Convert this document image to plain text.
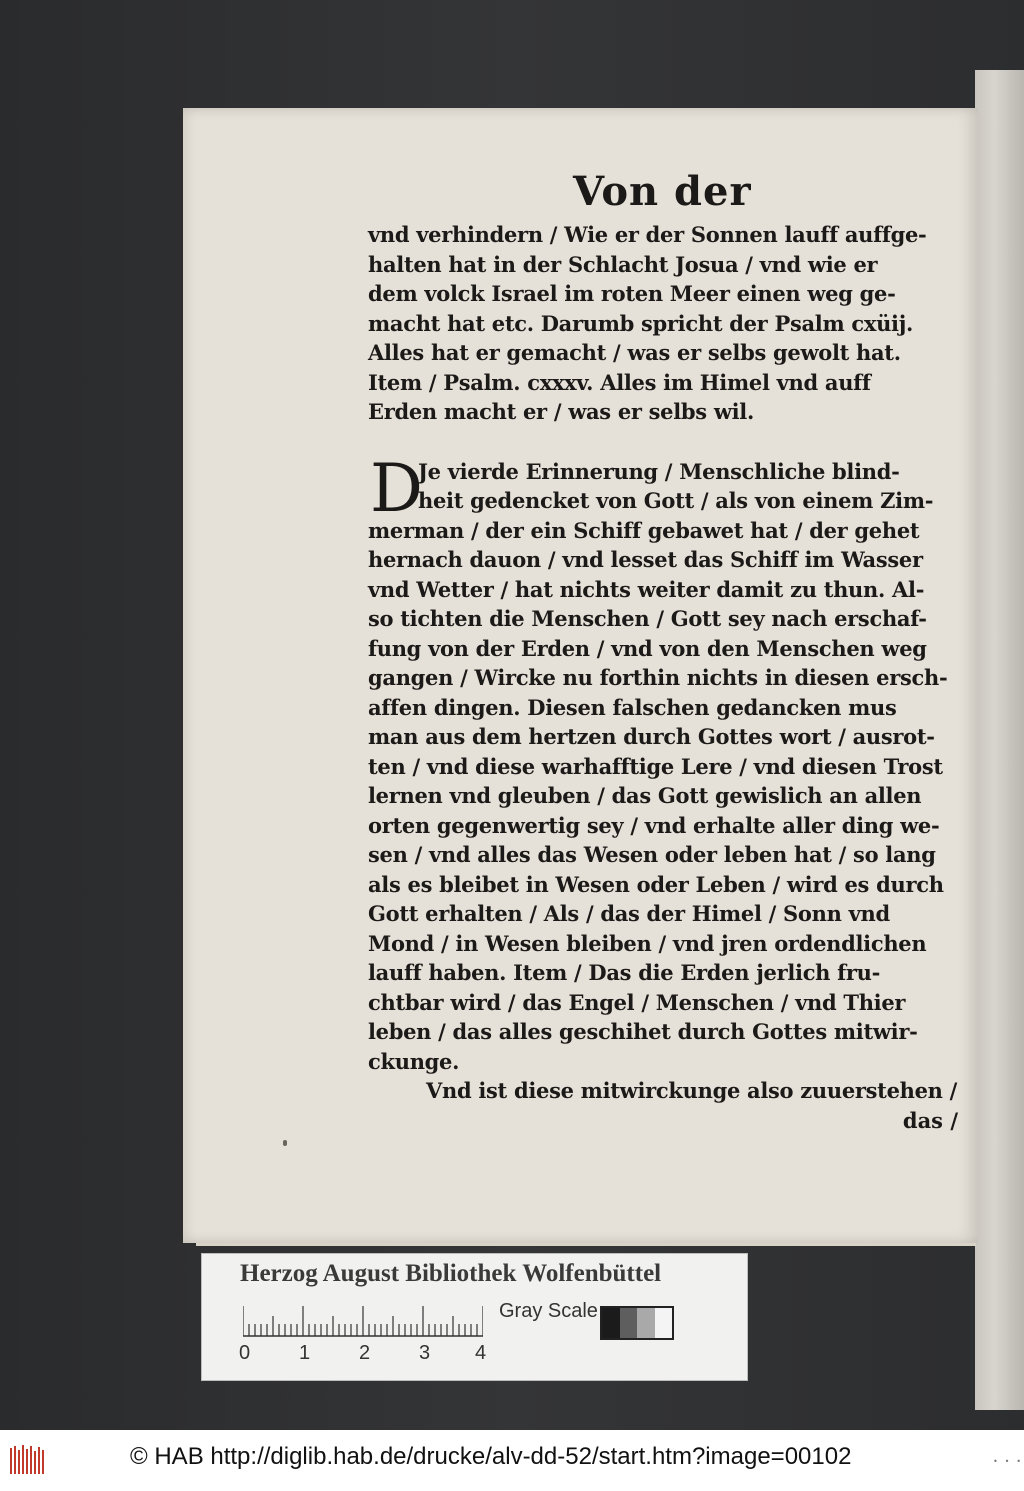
Von der
vnd verhindern / Wie er der Sonnen lauff auffge-
halten hat in der Schlacht Josua / vnd wie er
dem volck Israel im roten Meer einen weg ge-
macht hat etc. Darumb spricht der Psalm cxüij.
Alles hat er gemacht / was er selbs gewolt hat.
Item / Psalm. cxxxv. Alles im Himel vnd auff
Erden macht er / was er selbs wil.
D
Je vierde Erinnerung / Menschliche blind-
heit gedencket von Gott / als von einem Zim-
merman / der ein Schiff gebawet hat / der gehet
hernach dauon / vnd lesset das Schiff im Wasser
vnd Wetter / hat nichts weiter damit zu thun. Al-
so tichten die Menschen / Gott sey nach erschaf-
fung von der Erden / vnd von den Menschen weg
gangen / Wircke nu forthin nichts in diesen ersch-
affen dingen. Diesen falschen gedancken mus
man aus dem hertzen durch Gottes wort / ausrot-
ten / vnd diese warhafftige Lere / vnd diesen Trost
lernen vnd gleuben / das Gott gewislich an allen
orten gegenwertig sey / vnd erhalte aller ding we-
sen / vnd alles das Wesen oder leben hat / so lang
als es bleibet in Wesen oder Leben / wird es durch
Gott erhalten / Als / das der Himel / Sonn vnd
Mond / in Wesen bleiben / vnd jren ordendlichen
lauff haben. Item / Das die Erden jerlich fru-
chtbar wird / das Engel / Menschen / vnd Thier
leben / das alles geschihet durch Gottes mitwir-
ckunge.
Vnd ist diese mitwirckunge also zuuerstehen /
das /
Herzog August Bibliothek Wolfenbüttel
Gray Scale
0 1 2 3 4
© HAB http://diglib.hab.de/drucke/alv-dd-52/start.htm?image=00102	• • •
